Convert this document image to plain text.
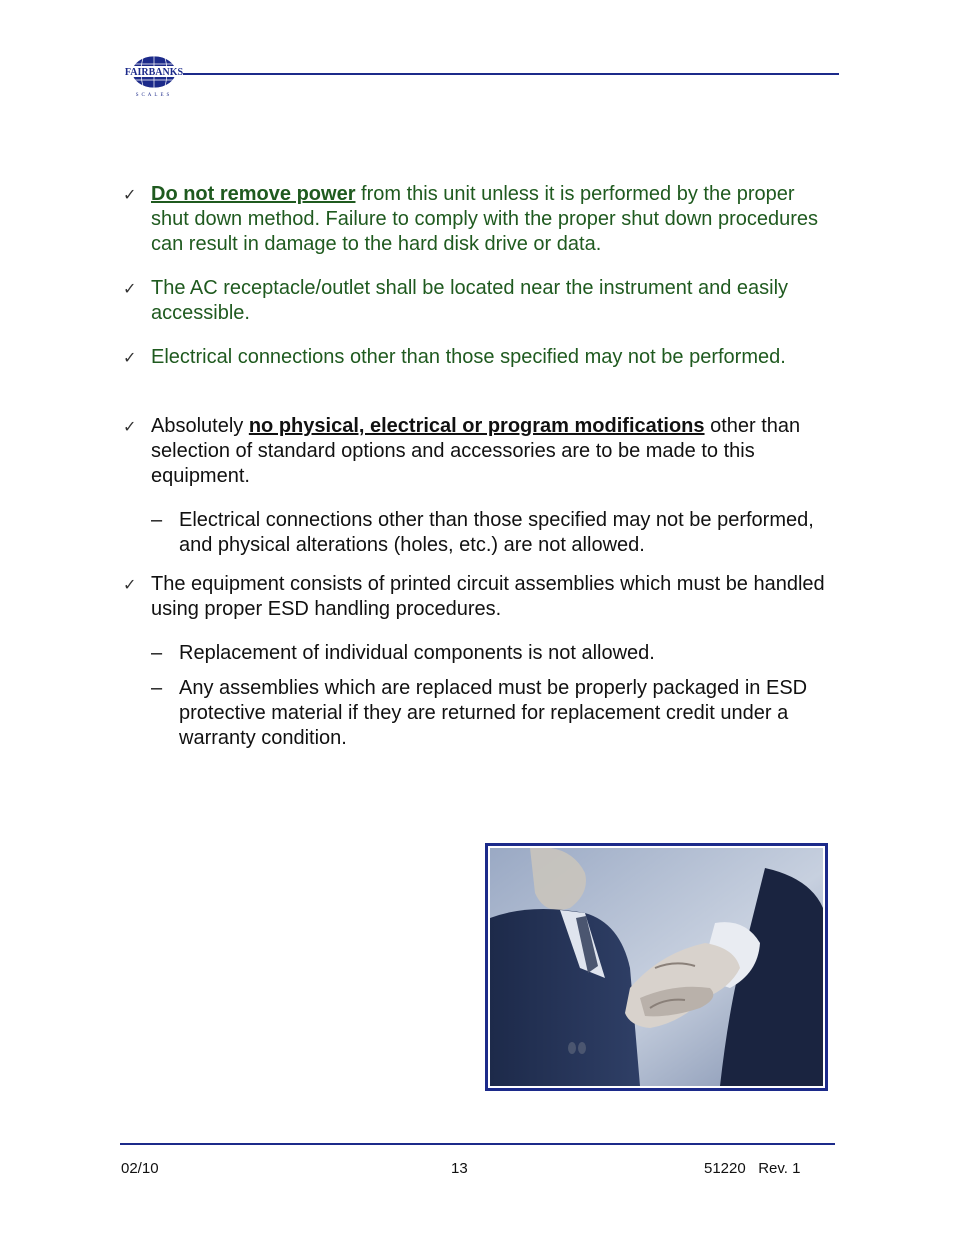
FAIRBANKS
SCALES
✓ Do not remove power from this unit unless it is performed by the proper shut down method. Failure to comply with the proper shut down procedures can result in damage to the hard disk drive or data.
✓ The AC receptacle/outlet shall be located near the instrument and easily accessible.
✓ Electrical connections other than those specified may not be performed.
✓ Absolutely no physical, electrical or program modifications other than selection of standard options and accessories are to be made to this equipment.
– Electrical connections other than those specified may not be performed, and physical alterations (holes, etc.) are not allowed.
✓ The equipment consists of printed circuit assemblies which must be handled using proper ESD handling procedures.
– Replacement of individual components is not allowed.
– Any assemblies which are replaced must be properly packaged in ESD protective material if they are returned for replacement credit under a warranty condition.
02/10	13	51220   Rev. 1
